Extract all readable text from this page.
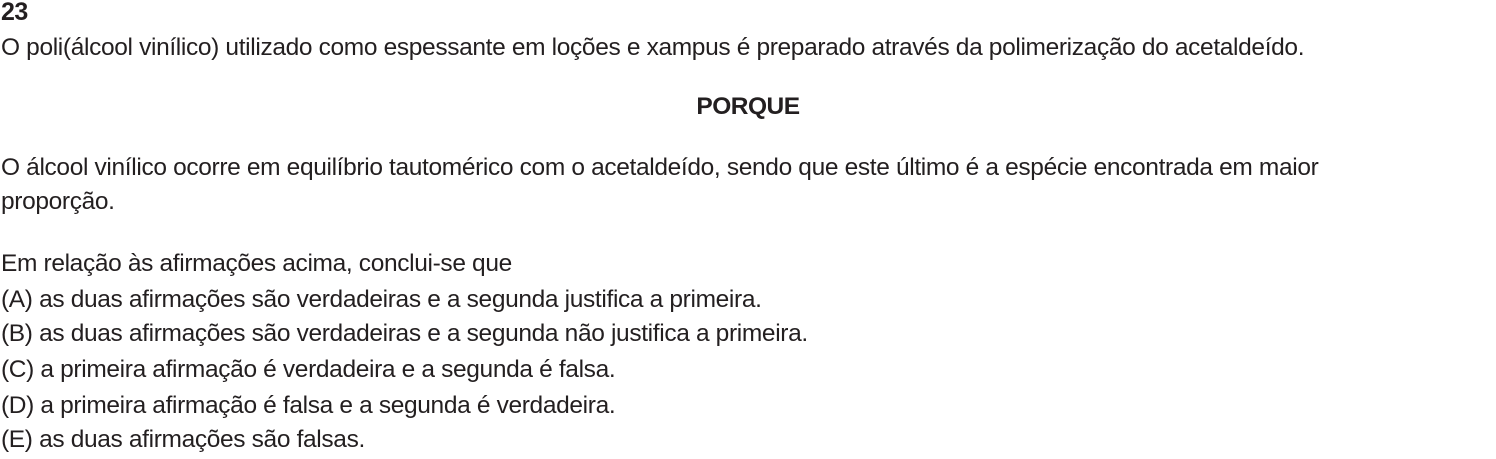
23
O poli(álcool vinílico) utilizado como espessante em loções e xampus é preparado através da polimerização do acetaldeído.
PORQUE
O álcool vinílico ocorre em equilíbrio tautomérico com o acetaldeído, sendo que este último é a espécie encontrada em maior
proporção.
Em relação às afirmações acima, conclui-se que
(A) as duas afirmações são verdadeiras e a segunda justifica a primeira.
(B) as duas afirmações são verdadeiras e a segunda não justifica a primeira.
(C) a primeira afirmação é verdadeira e a segunda é falsa.
(D) a primeira afirmação é falsa e a segunda é verdadeira.
(E) as duas afirmações são falsas.
